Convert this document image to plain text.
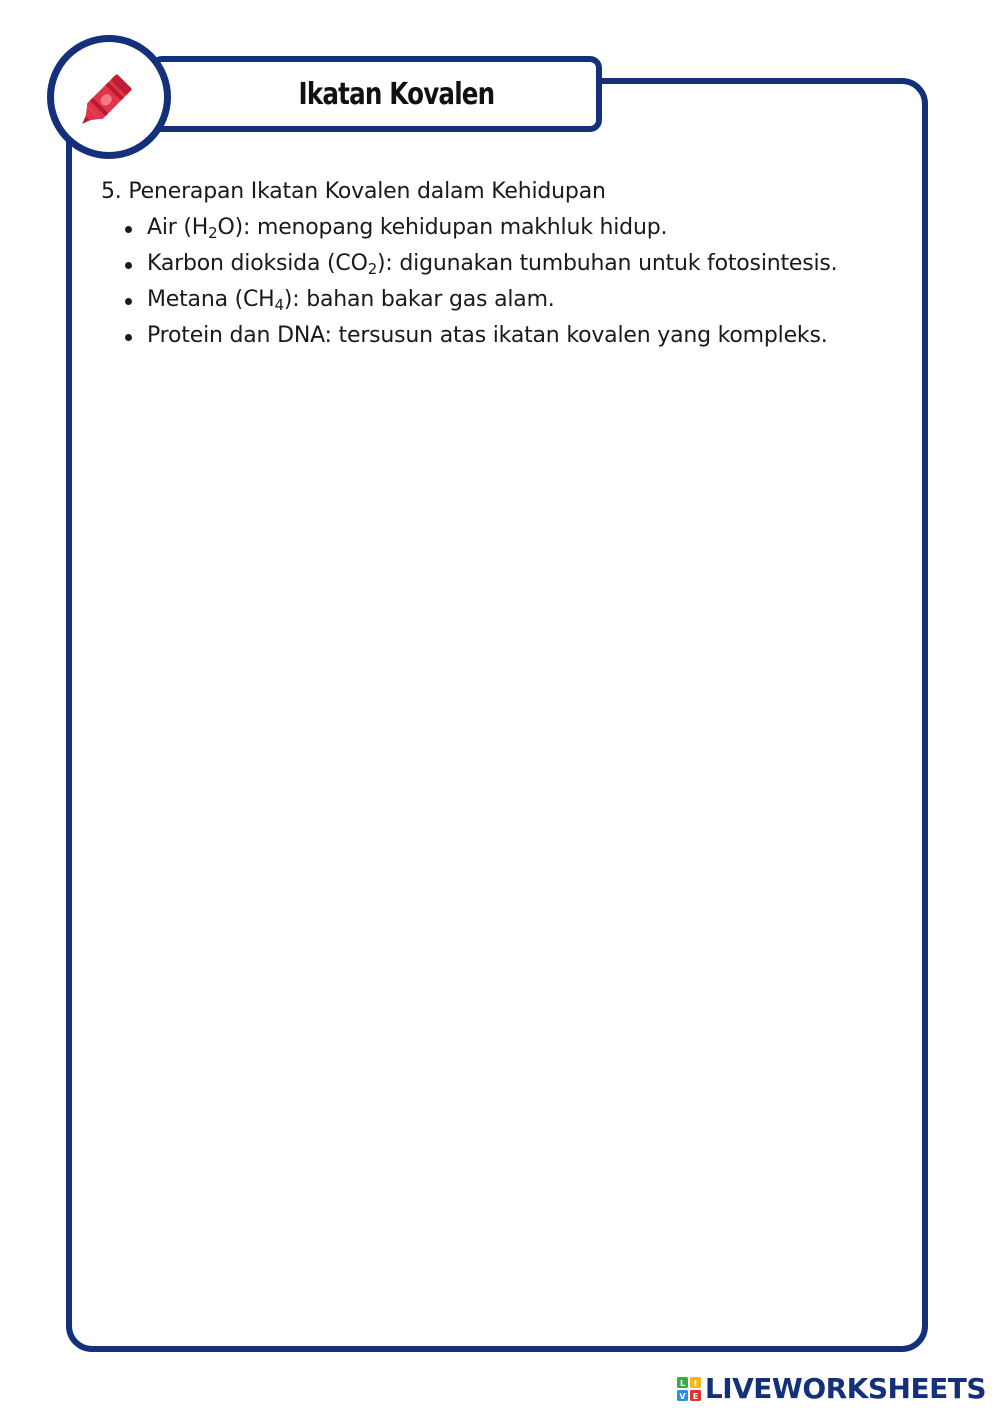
Ikatan Kovalen

5. Penerapan Ikatan Kovalen dalam Kehidupan

Air $(H_2O)$: menopang kehidupan makhluk hidup.
Karbon dioksida $(CO_2)$: digunakan tumbuhan untuk fotosintesis.
Metana $(CH_4)$: bahan bakar gas alam.
Protein dan DNA: tersusun atas ikatan kovalen yang kompleks.
L I
V E LIVEWORKSHEETS
